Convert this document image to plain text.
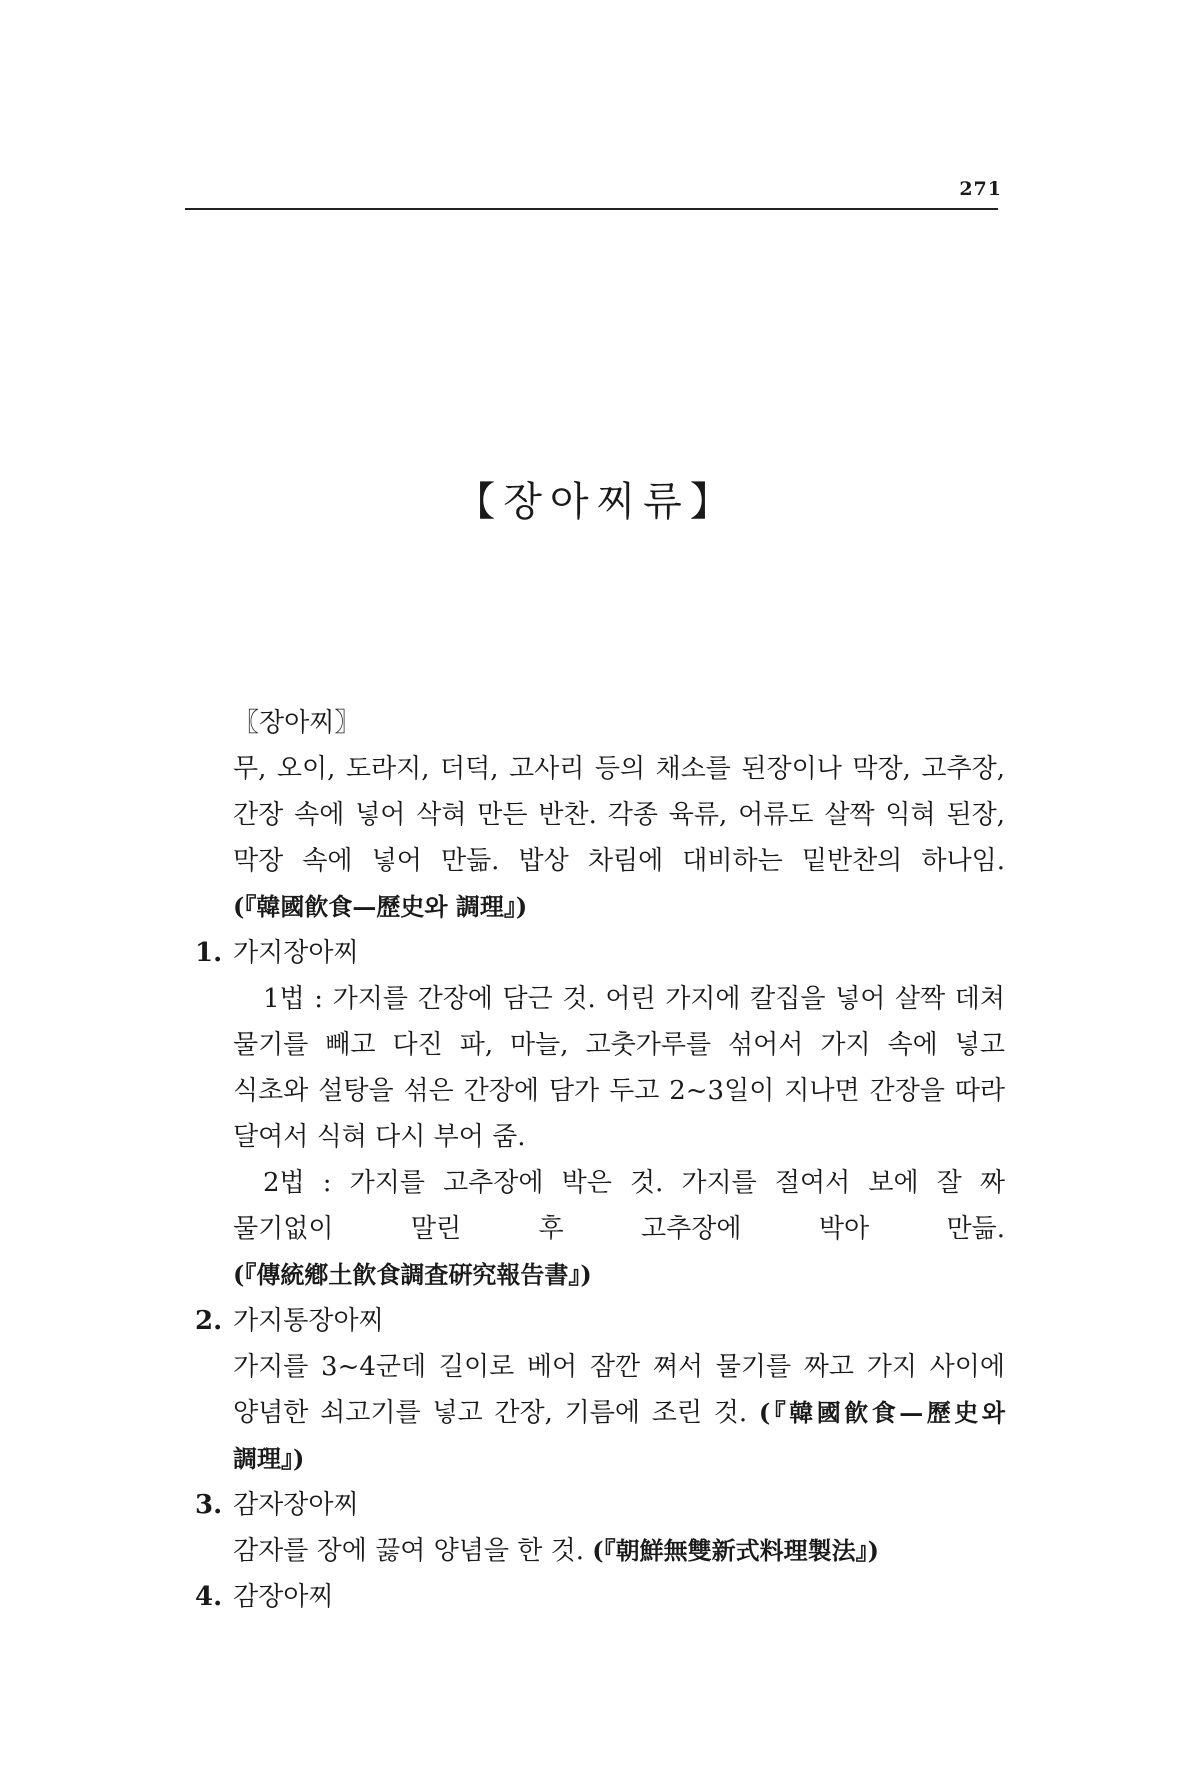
271
【장아찌류】
〖장아찌〗
무, 오이, 도라지, 더덕, 고사리 등의 채소를 된장이나 막장, 고추장, 간장 속에 넣어 삭혀 만든 반찬. 각종 육류, 어류도 살짝 익혀 된장, 막장 속에 넣어 만듦. 밥상 차림에 대비하는 밑반찬의 하나임. (『韓國飮食—歷史와 調理』)
1. 가지장아찌
1법 : 가지를 간장에 담근 것. 어린 가지에 칼집을 넣어 살짝 데쳐 물기를 빼고 다진 파, 마늘, 고춧가루를 섞어서 가지 속에 넣고 식초와 설탕을 섞은 간장에 담가 두고 2~3일이 지나면 간장을 따라 달여서 식혀 다시 부어 줌.
2법 : 가지를 고추장에 박은 것. 가지를 절여서 보에 잘 짜 물기없이 말린 후 고추장에 박아 만듦. (『傳統鄕土飮食調査硏究報告書』)
2. 가지통장아찌
가지를 3~4군데 길이로 베어 잠깐 쪄서 물기를 짜고 가지 사이에 양념한 쇠고기를 넣고 간장, 기름에 조린 것. (『韓國飮食—歷史와 調理』)
3. 감자장아찌
감자를 장에 끓여 양념을 한 것. (『朝鮮無雙新式料理製法』)
4. 감장아찌
